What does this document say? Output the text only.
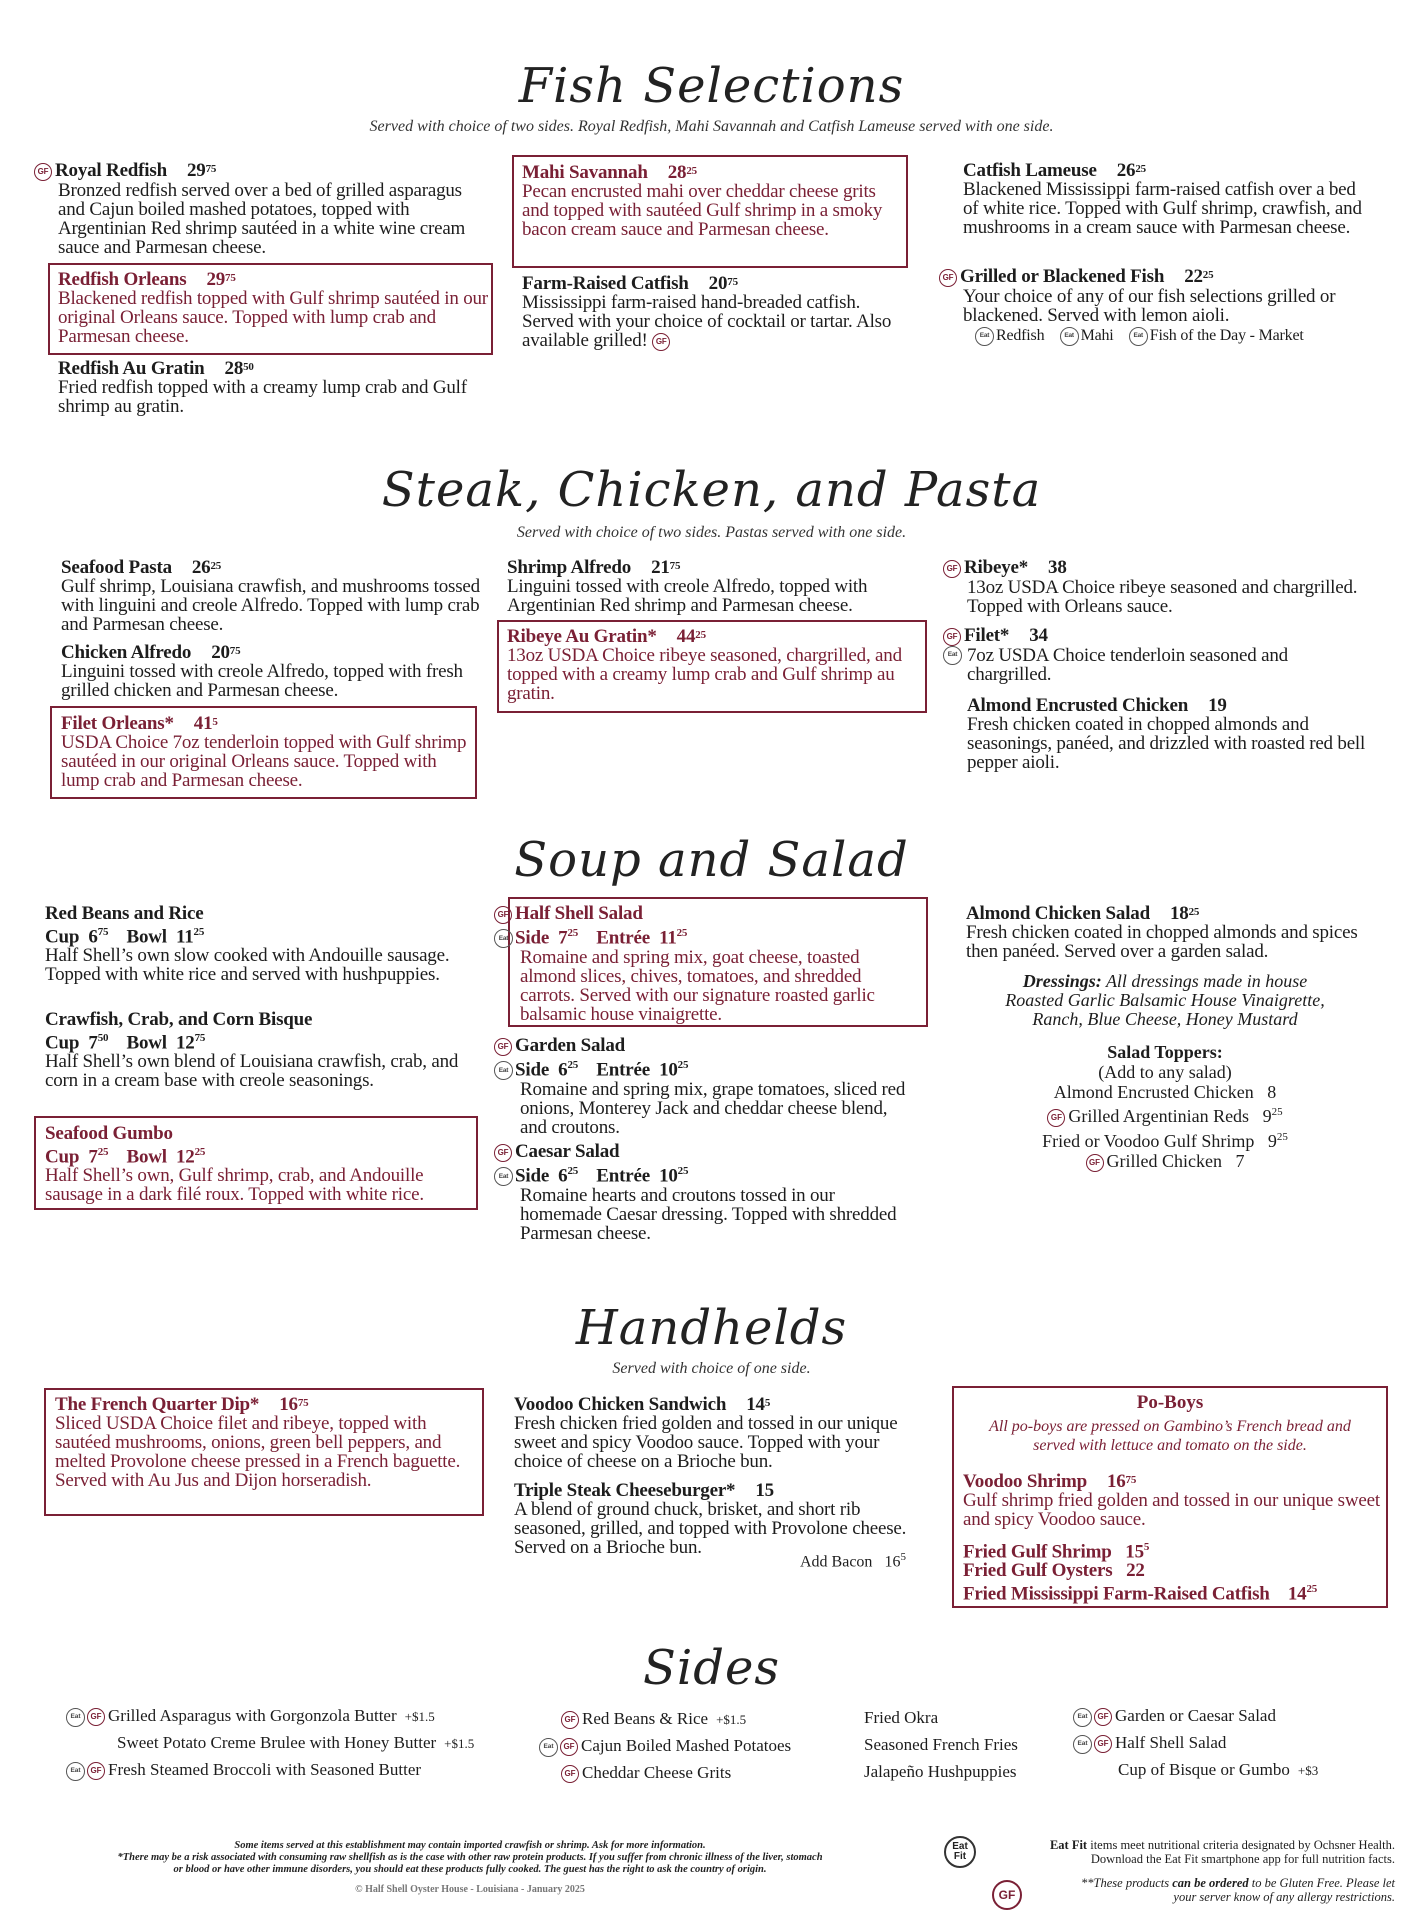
Fish Selections
Served with choice of two sides. Royal Redfish, Mahi Savannah and Catfish Lameuse served with one side.
GF Royal Redfish $29^{75}$

Bronzed redfish served over a bed of grilled asparagus and Cajun boiled mashed potatoes, topped with Argentinian Red shrimp sautéed in a white wine cream sauce and Parmesan cheese.
Redfish Orleans $29^{75}$
Blackened redfish topped with Gulf shrimp sautéed in our original Orleans sauce. Topped with lump crab and Parmesan cheese.
Redfish Au Gratin $28^{50}$
Fried redfish topped with a creamy lump crab and Gulf shrimp au gratin.
Mahi Savannah $28^{25}$
Pecan encrusted mahi over cheddar cheese grits and topped with sautéed Gulf shrimp in a smoky bacon cream sauce and Parmesan cheese.
Farm-Raised Catfish $20^{75}$
Mississippi farm-raised hand-breaded catfish. Served with your choice of cocktail or tartar. Also available grilled! GF
Catfish Lameuse $26^{25}$
Blackened Mississippi farm-raised catfish over a bed of white rice. Topped with Gulf shrimp, crawfish, and mushrooms in a cream sauce with Parmesan cheese.
GF Grilled or Blackened Fish $22^{25}$
Your choice of any of our fish selections grilled or blackened. Served with lemon aioli.
Eat Redfish	Eat Mahi	Eat Fish of the Day - Market
Steak, Chicken, and Pasta
Served with choice of two sides. Pastas served with one side.
Seafood Pasta $26^{25}$
Gulf shrimp, Louisiana crawfish, and mushrooms tossed with linguini and creole Alfredo. Topped with lump crab and Parmesan cheese.
Chicken Alfredo $20^{75}$
Linguini tossed with creole Alfredo, topped with fresh grilled chicken and Parmesan cheese.
Filet Orleans* $41^5$
USDA Choice 7oz tenderloin topped with Gulf shrimp sautéed in our original Orleans sauce. Topped with lump crab and Parmesan cheese.
Shrimp Alfredo $21^{75}$
Linguini tossed with creole Alfredo, topped with Argentinian Red shrimp and Parmesan cheese.
Ribeye Au Gratin* $44^{25}$
13oz USDA Choice ribeye seasoned, chargrilled, and topped with a creamy lump crab and Gulf shrimp au gratin.
GF Ribeye* 38
13oz USDA Choice ribeye seasoned and chargrilled. Topped with Orleans sauce.
GF Filet* 34
Eat 7oz USDA Choice tenderloin seasoned and chargrilled.
Almond Encrusted Chicken 19
Fresh chicken coated in chopped almonds and seasonings, panéed, and drizzled with roasted red bell pepper aioli.
Soup and Salad
Red Beans and Rice
Cup $6^{75}$ Bowl $11^{25}$
Half Shell’s own slow cooked with Andouille sausage. Topped with white rice and served with hushpuppies.
Crawfish, Crab, and Corn Bisque
Cup $7^{50}$ Bowl $12^{75}$
Half Shell’s own blend of Louisiana crawfish, crab, and corn in a cream base with creole seasonings.
Seafood Gumbo
Cup $7^{25}$ Bowl $12^{25}$
Half Shell’s own, Gulf shrimp, crab, and Andouille sausage in a dark filé roux. Topped with white rice.
GF Half Shell Salad
Eat Side $7^{25}$ Entrée $11^{25}$
Romaine and spring mix, goat cheese, toasted almond slices, chives, tomatoes, and shredded carrots. Served with our signature roasted garlic balsamic house vinaigrette.
GF Garden Salad
Eat Side $6^{25}$ Entrée $10^{25}$
Romaine and spring mix, grape tomatoes, sliced red onions, Monterey Jack and cheddar cheese blend, and croutons.
GF Caesar Salad
Eat Side $6^{25}$ Entrée $10^{25}$
Romaine hearts and croutons tossed in our homemade Caesar dressing. Topped with shredded Parmesan cheese.
Almond Chicken Salad $18^{25}$
Fresh chicken coated in chopped almonds and spices then panéed. Served over a garden salad.
Dressings: All dressings made in house
Roasted Garlic Balsamic House Vinaigrette,
Ranch, Blue Cheese, Honey Mustard
Salad Toppers:
(Add to any salad)
Almond Encrusted Chicken 8
GF Grilled Argentinian Reds $9^{25}$
Fried or Voodoo Gulf Shrimp $9^{25}$
GF Grilled Chicken 7
Handhelds
Served with choice of one side.
The French Quarter Dip* $16^{75}$
Sliced USDA Choice filet and ribeye, topped with sautéed mushrooms, onions, green bell peppers, and melted Provolone cheese pressed in a French baguette. Served with Au Jus and Dijon horseradish.
Voodoo Chicken Sandwich $14^5$
Fresh chicken fried golden and tossed in our unique sweet and spicy Voodoo sauce. Topped with your choice of cheese on a Brioche bun.
Triple Steak Cheeseburger* 15
A blend of ground chuck, brisket, and short rib seasoned, grilled, and topped with Provolone cheese. Served on a Brioche bun.
Add Bacon $16^5$
Po-Boys
All po-boys are pressed on Gambino’s French bread and served with lettuce and tomato on the side.
Voodoo Shrimp $16^{75}$
Gulf shrimp fried golden and tossed in our unique sweet and spicy Voodoo sauce.
Fried Gulf Shrimp $15^5$
Fried Gulf Oysters 22
Fried Mississippi Farm-Raised Catfish $14^{25}$
Sides
Eat GF Grilled Asparagus with Gorgonzola Butter +$1.5
Sweet Potato Creme Brulee with Honey Butter +$1.5
Eat GF Fresh Steamed Broccoli with Seasoned Butter
GF Red Beans & Rice +$1.5
Eat GF Cajun Boiled Mashed Potatoes
GF Cheddar Cheese Grits
Fried Okra
Seasoned French Fries
Jalapeño Hushpuppies
Eat GF Garden or Caesar Salad
Eat GF Half Shell Salad
Cup of Bisque or Gumbo +$3
Some items served at this establishment may contain imported crawfish or shrimp. Ask for more information.
*There may be a risk associated with consuming raw shellfish as is the case with other raw protein products. If you suffer from chronic illness of the liver, stomach
or blood or have other immune disorders, you should eat these products fully cooked. The guest has the right to ask the country of origin.
© Half Shell Oyster House - Louisiana - January 2025
Eat
Fit
Eat Fit items meet nutritional criteria designated by Ochsner Health.
Download the Eat Fit smartphone app for full nutrition facts.
GF
**These products can be ordered to be Gluten Free. Please let
your server know of any allergy restrictions.
